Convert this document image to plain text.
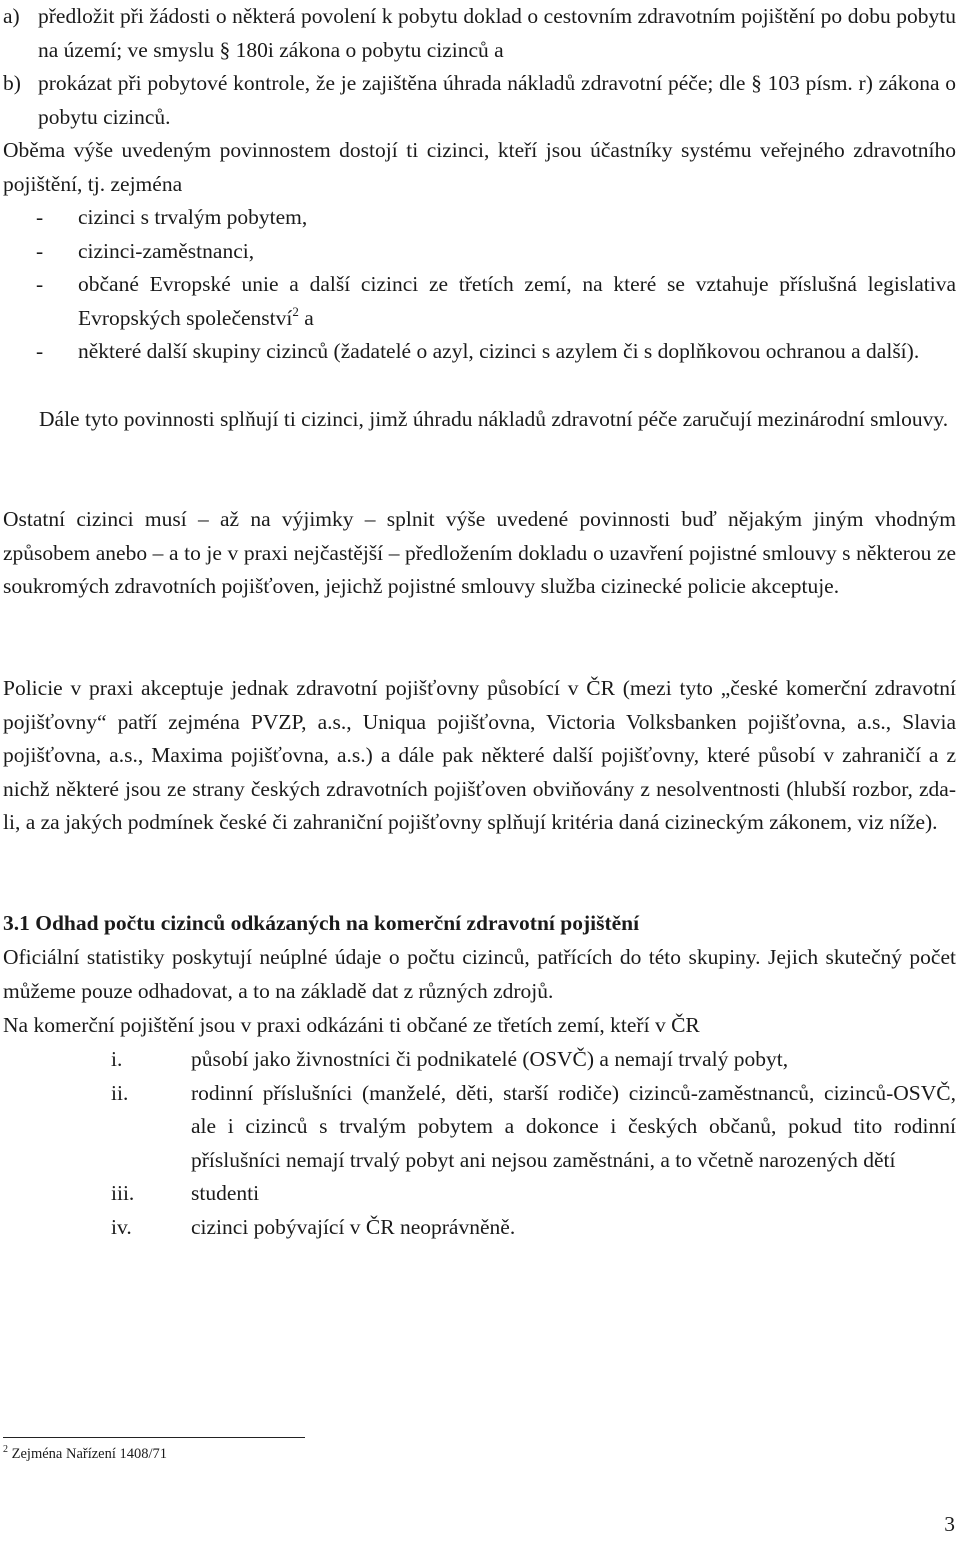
a) předložit při žádosti o některá povolení k pobytu doklad o cestovním zdravotním pojištění po dobu pobytu na území; ve smyslu § 180i zákona o pobytu cizinců a
b) prokázat při pobytové kontrole, že je zajištěna úhrada nákladů zdravotní péče; dle § 103 písm. r) zákona o pobytu cizinců.
Oběma výše uvedeným povinnostem dostojí ti cizinci, kteří jsou účastníky systému veřejného zdravotního pojištění, tj. zejména
-	cizinci s trvalým pobytem,
-	cizinci-zaměstnanci,
-	občané Evropské unie a další cizinci ze třetích zemí, na které se vztahuje příslušná legislativa Evropských společenství$^2$ a
-	některé další skupiny cizinců (žadatelé o azyl, cizinci s azylem či s doplňkovou ochranou a další).
Dále tyto povinnosti splňují ti cizinci, jimž úhradu nákladů zdravotní péče zaručují mezinárodní smlouvy.
Ostatní cizinci musí – až na výjimky – splnit výše uvedené povinnosti buď nějakým jiným vhodným způsobem anebo – a to je v praxi nejčastější – předložením dokladu o uzavření pojistné smlouvy s některou ze soukromých zdravotních pojišťoven, jejichž pojistné smlouvy služba cizinecké policie akceptuje.
Policie v praxi akceptuje jednak zdravotní pojišťovny působící v ČR (mezi tyto „české komerční zdravotní pojišťovny“ patří zejména PVZP, a.s., Uniqua pojišťovna, Victoria Volksbanken pojišťovna, a.s., Slavia pojišťovna, a.s., Maxima pojišťovna, a.s.) a dále pak některé další pojišťovny, které působí v zahraničí a z nichž některé jsou ze strany českých zdravotních pojišťoven obviňovány z nesolventnosti (hlubší rozbor, zda-li, a za jakých podmínek české či zahraniční pojišťovny splňují kritéria daná cizineckým zákonem, viz níže).
3.1 Odhad počtu cizinců odkázaných na komerční zdravotní pojištění
Oficiální statistiky poskytují neúplné údaje o počtu cizinců, patřících do této skupiny. Jejich skutečný počet můžeme pouze odhadovat, a to na základě dat z různých zdrojů.
Na komerční pojištění jsou v praxi odkázáni ti občané ze třetích zemí, kteří v ČR
i.	působí jako živnostníci či podnikatelé (OSVČ) a nemají trvalý pobyt,
ii.	rodinní příslušníci (manželé, děti, starší rodiče) cizinců-zaměstnanců, cizinců-OSVČ, ale i cizinců s trvalým pobytem a dokonce i českých občanů, pokud tito rodinní příslušníci nemají trvalý pobyt ani nejsou zaměstnáni, a to včetně narozených dětí
iii.	studenti
iv.	cizinci pobývající v ČR neoprávněně.
$^2$ Zejména Nařízení 1408/71
3
